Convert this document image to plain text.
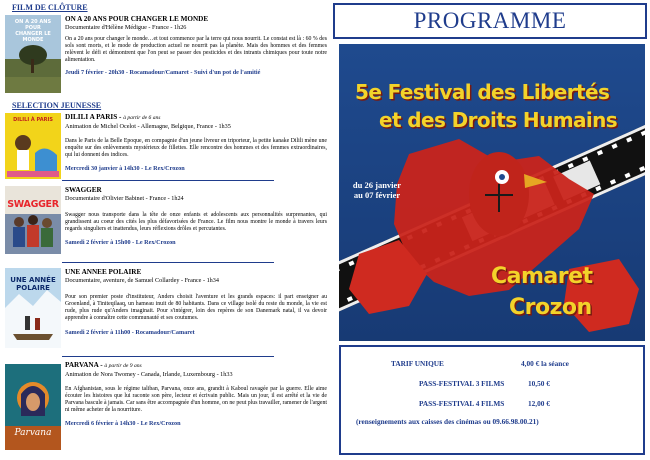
FILM DE CLÔTURE
ON A 20 ANS
POUR
CHANGER LE MONDE
ON A 20 ANS POUR CHANGER LE MONDE
Documentaire d'Hélène Médigue - France - 1h26
On a 20 ans pour changer le monde…et tout commence par la terre qui nous nourrit. Le constat est là : 60 % des sols sont morts, et le mode de production actuel ne nourrit pas la planète. Mais des hommes et des femmes relèvent le défi et démontrent que l'on peut se passer des pesticides et des intrants chimiques pour toute notre alimentation.
Jeudi 7 février - 20h30 - Rocamadour/Camaret - Suivi d'un pot de l'amitié
SELECTION JEUNESSE
DILILI À PARIS	DILILI A PARIS - à partir de 6 ans
Animation de Michel Ocelot - Allemagne, Belgique, France - 1h35
Dans le Paris de la Belle Epoque, en compagnie d'un jeune livreur en triporteur, la petite kanake Dilili mène une enquête sur des enlèvements mystérieux de fillettes. Elle rencontre des hommes et des femmes extraordinaires, qui lui donnent des indices.
Mercredi 30 janvier à 14h30 - Le Rex/Crozon
SWAGGER
SWAGGER
Documentaire d'Olivier Babinet - France - 1h24
Swagger nous transporte dans la tête de onze enfants et adolescents aux personnalités surprenantes, qui grandissent au coeur des cités les plus défavorisées de France. Le film nous montre le monde à travers leurs regards singuliers et inattendus, leurs réflexions drôles et percutantes.
Samedi 2 février à 15h00 - Le Rex/Crozon
UNE ANNÉE POLAIRE
UNE ANNEE POLAIRE
Documentaire, aventure, de Samuel Collardey - France - 1h34
Pour son premier poste d'instituteur, Anders choisit l'aventure et les grands espaces: il part enseigner au Groenland, à Tiniteqilaaq, un hameau inuit de 80 habitants. Dans ce village isolé du reste du monde, la vie est rude, plus rude qu'Anders imaginait. Pour s'intégrer, loin des repères de son Danemark natal, il va devoir apprendre à connaître cette communauté et ses coutumes.
Samedi 2 février à 11h00 - Rocamadour/Camaret
Parvana
PARVANA - à partir de 9 ans
Animation de Nora Twomey - Canada, Irlande, Luxembourg - 1h33
En Afghanistan, sous le régime taliban, Parvana, onze ans, grandit à Kaboul ravagée par la guerre. Elle aime écouter les histoires que lui raconte son père, lecteur et écrivain public. Mais un jour, il est arrêté et la vie de Parvana bascule à jamais. Car sans être accompagnée d'un homme, on ne peut plus travailler, ramener de l'argent ni même acheter de la nourriture.
Mercredi 6 février à 14h30 - Le Rex/Crozon
PROGRAMME
5e Festival des Libertés
et des Droits Humains
du 26 janvier
au 07 février
Camaret
Crozon
TARIF UNIQUE	4,00 € la séance
PASS-FESTIVAL 3 FILMS	10,50 €
PASS-FESTIVAL 4 FILMS	12,00 €
(renseignements aux caisses des cinémas ou 09.66.98.00.21)
